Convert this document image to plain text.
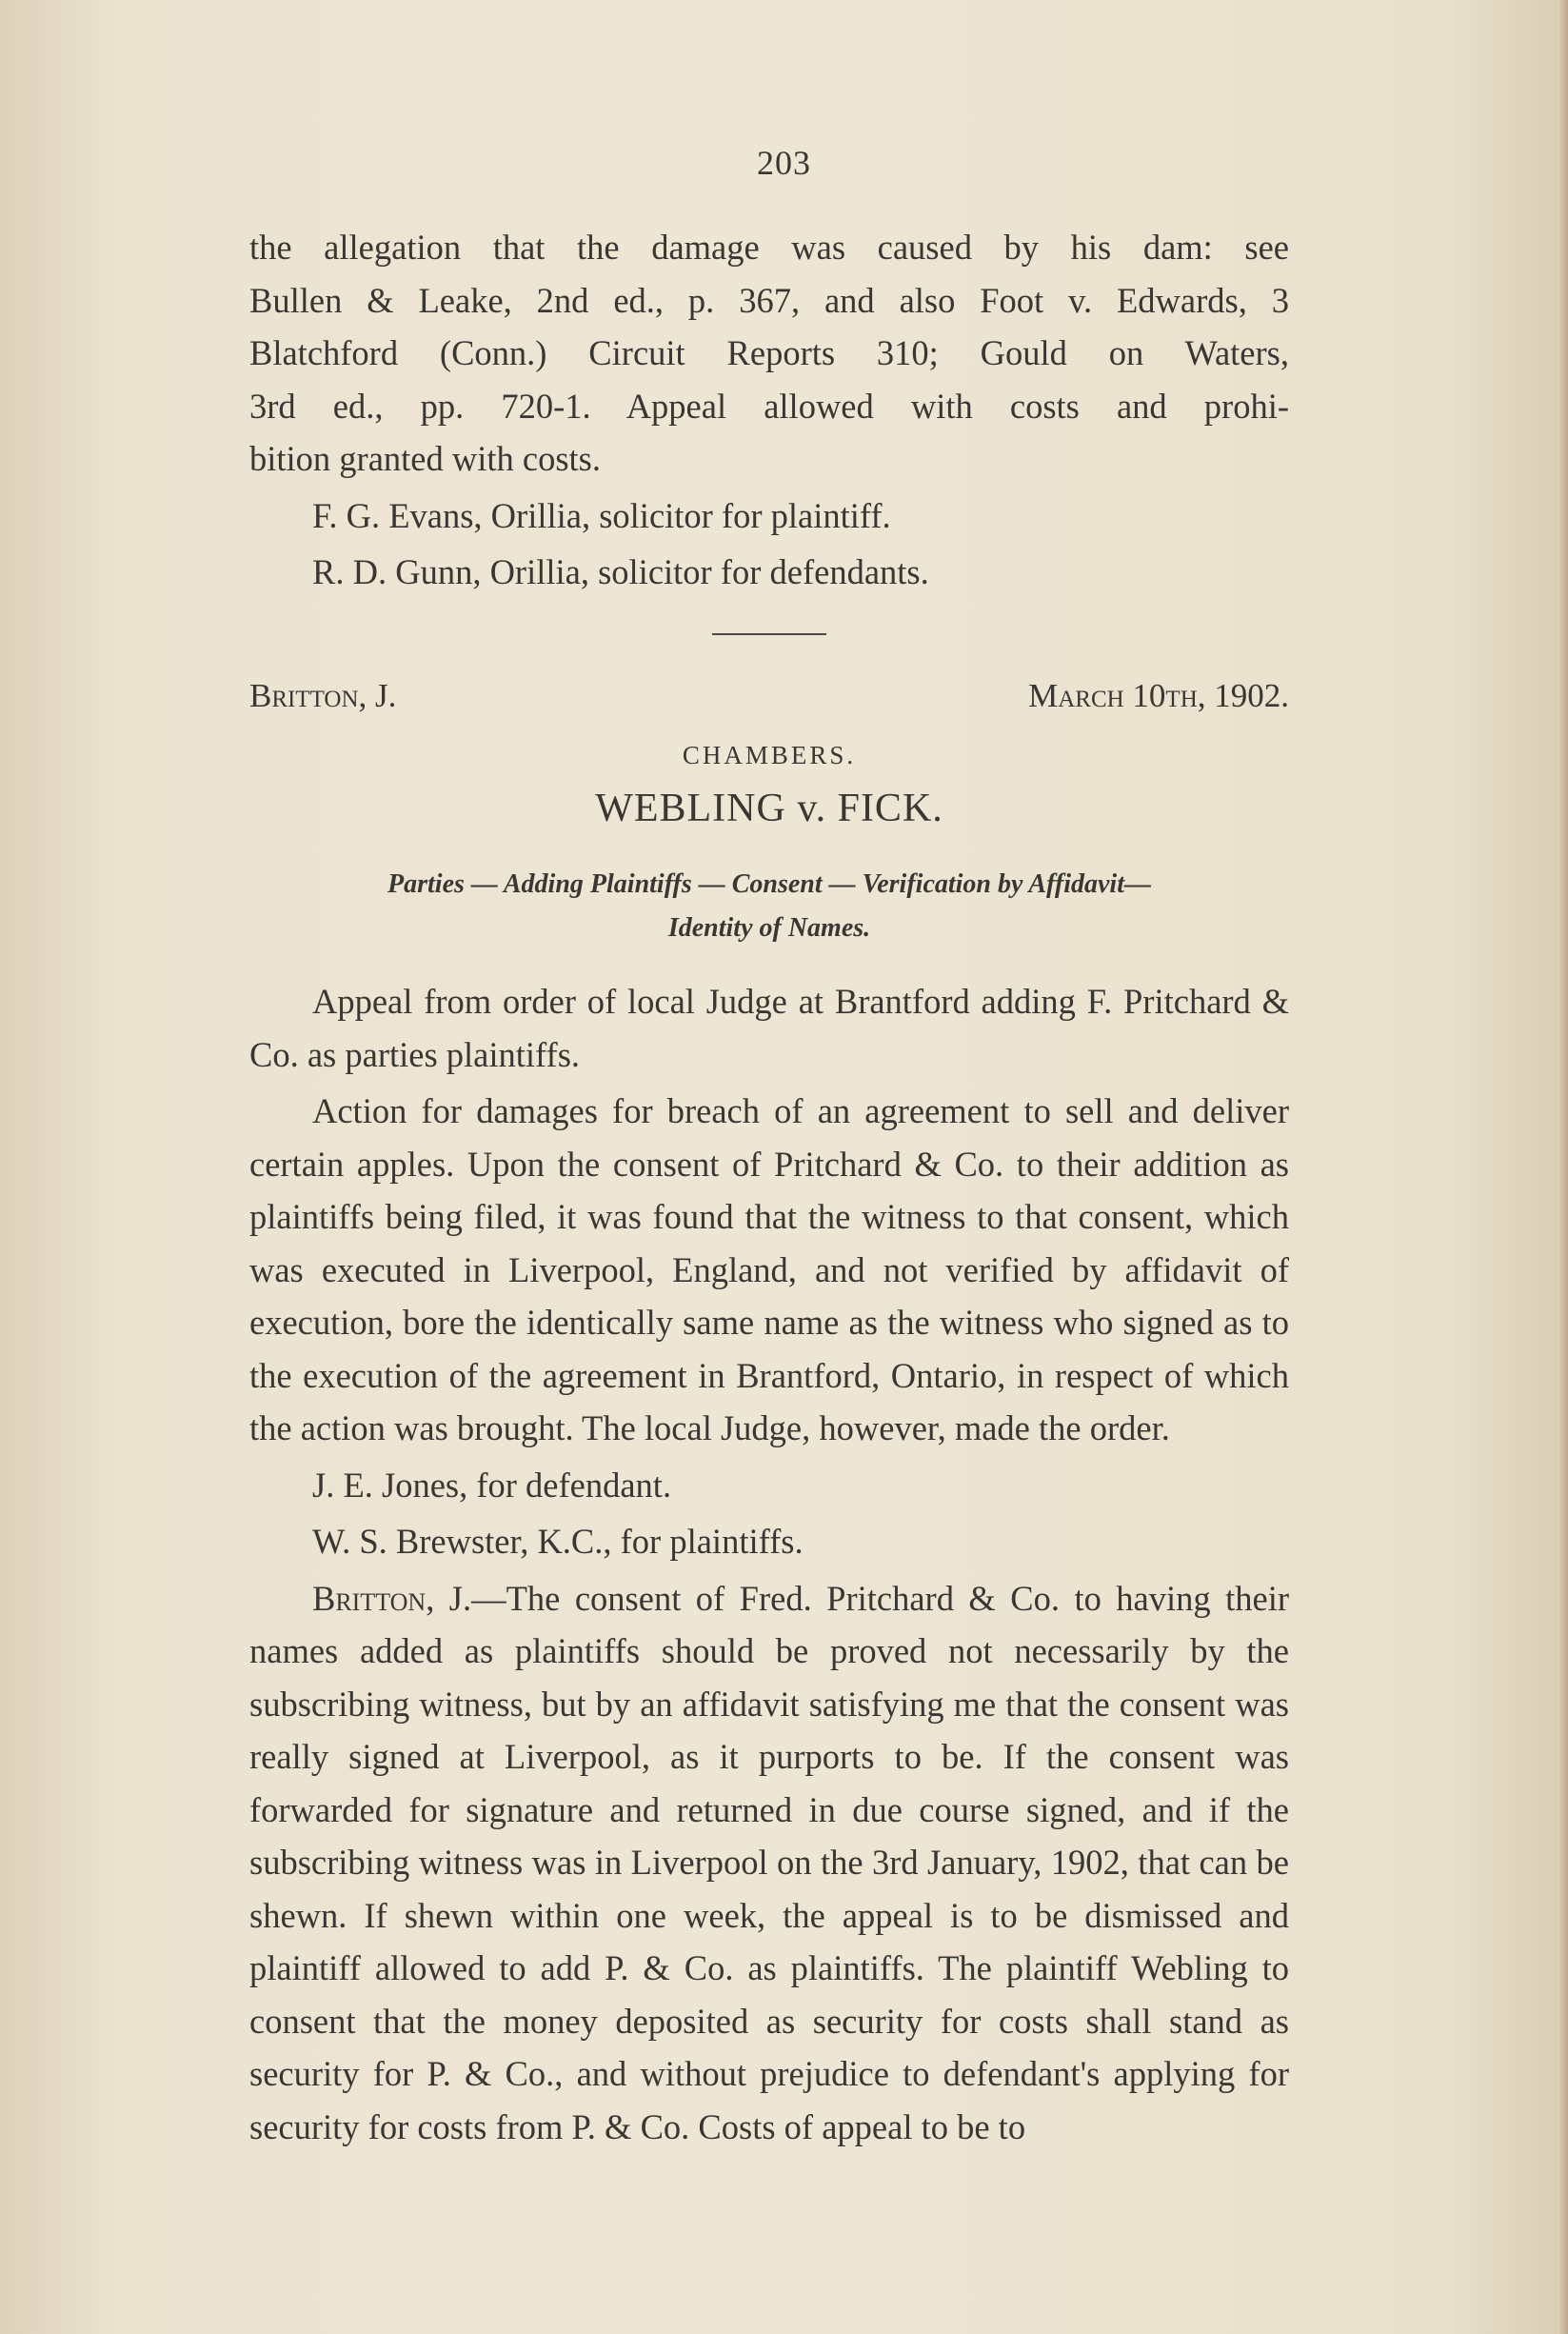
203
the allegation that the damage was caused by his dam: see
Bullen & Leake, 2nd ed., p. 367, and also Foot v. Edwards, 3
Blatchford (Conn.) Circuit Reports 310; Gould on Waters,
3rd ed., pp. 720-1. Appeal allowed with costs and prohi-
bition granted with costs.
F. G. Evans, Orillia, solicitor for plaintiff.
R. D. Gunn, Orillia, solicitor for defendants.
Britton, J.	March 10th, 1902.
CHAMBERS.
WEBLING v. FICK.
Parties — Adding Plaintiffs — Consent — Verification by Affidavit—
Identity of Names.

Appeal from order of local Judge at Brantford adding F. Pritchard & Co. as parties plaintiffs.

Action for damages for breach of an agreement to sell and deliver certain apples. Upon the consent of Pritchard & Co. to their addition as plaintiffs being filed, it was found that the witness to that consent, which was executed in Liverpool, England, and not verified by affidavit of execution, bore the identically same name as the witness who signed as to the execution of the agreement in Brantford, Ontario, in respect of which the action was brought. The local Judge, however, made the order.

J. E. Jones, for defendant.
W. S. Brewster, K.C., for plaintiffs.

Britton, J.—The consent of Fred. Pritchard & Co. to having their names added as plaintiffs should be proved not necessarily by the subscribing witness, but by an affidavit satisfying me that the consent was really signed at Liverpool, as it purports to be. If the consent was forwarded for signature and returned in due course signed, and if the subscribing witness was in Liverpool on the 3rd January, 1902, that can be shewn. If shewn within one week, the appeal is to be dismissed and plaintiff allowed to add P. & Co. as plaintiffs. The plaintiff Webling to consent that the money deposited as security for costs shall stand as security for P. & Co., and without prejudice to defendant's applying for security for costs from P. & Co. Costs of appeal to be to
